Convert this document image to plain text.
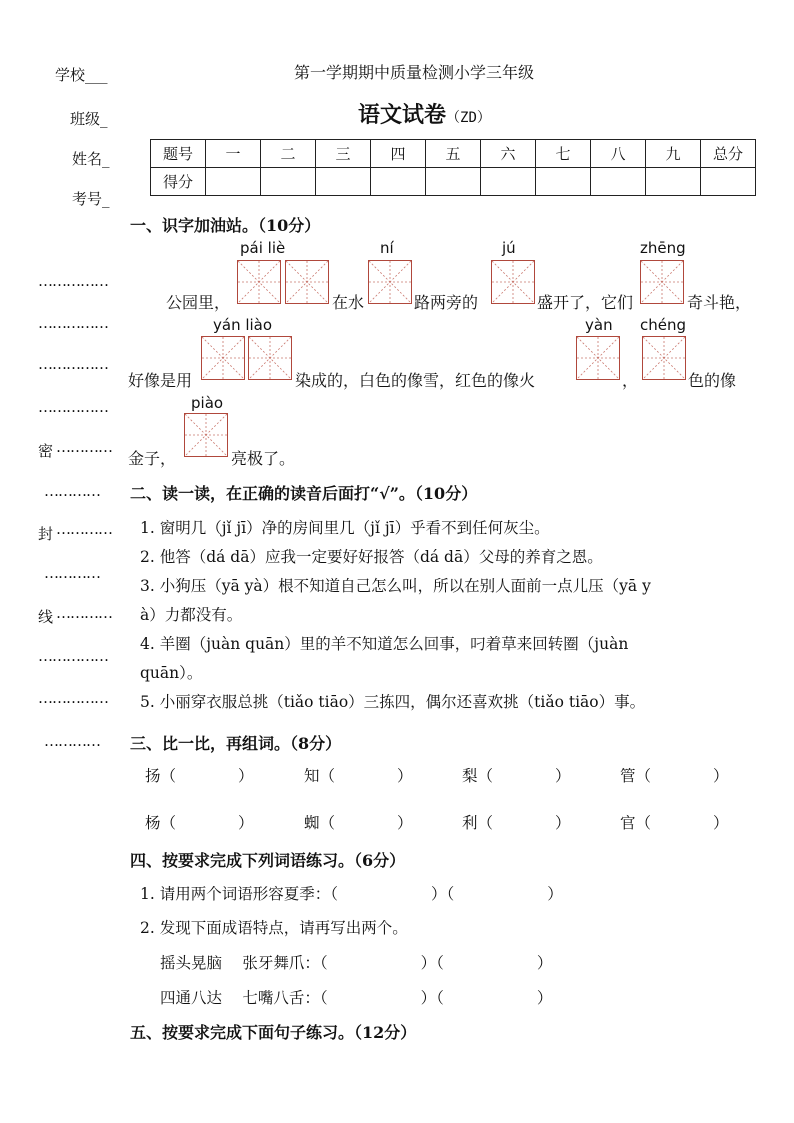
学校___
班级_
姓名_
考号_
……………
……………
……………
……………
密 …………
…………
封 …………
…………
线 …………
……………
……………
…………
第一学期期中质量检测小学三年级
语文试卷（ZD）
题号	一	二	三	四	五	六	七	八	九	总分
得分										
一、识字加油站。（10分）
pái liè	ní	jú	zhēng
公园里，	在水	路两旁的	盛开了，它们	奇斗艳，
yán liào	yàn chéng
好像是用	染成的，白色的像雪，红色的像火	，	色的像
piào
金子，	亮极了。
二、读一读，在正确的读音后面打“√”。（10分）
1. 窗明几（jǐ jī）净的房间里几（jǐ jī）乎看不到任何灰尘。
2. 他答（dá dā）应我一定要好好报答（dá dā）父母的养育之恩。
3. 小狗压（yā yà）根不知道自己怎么叫，所以在别人面前一点儿压（yā y
à）力都没有。
4. 羊圈（juàn quān）里的羊不知道怎么回事，叼着草来回转圈（juàn
quān）。
5. 小丽穿衣服总挑（tiǎo tiāo）三拣四，偶尔还喜欢挑（tiǎo tiāo）事。
三、比一比，再组词。（8分）
扬（　　　　）	知（　　　　）	梨（　　　　）	管（　　　　）
杨（　　　　）	蜘（　　　　）	利（　　　　）	官（　　　　）
四、按要求完成下列词语练习。（6分）
1. 请用两个词语形容夏季：（　　　　　　）（　　　　　　）
2. 发现下面成语特点，请再写出两个。
摇头晃脑　 张牙舞爪：（　　　　　　）（　　　　　　）
四通八达　 七嘴八舌：（　　　　　　）（　　　　　　）
五、按要求完成下面句子练习。（12分）
